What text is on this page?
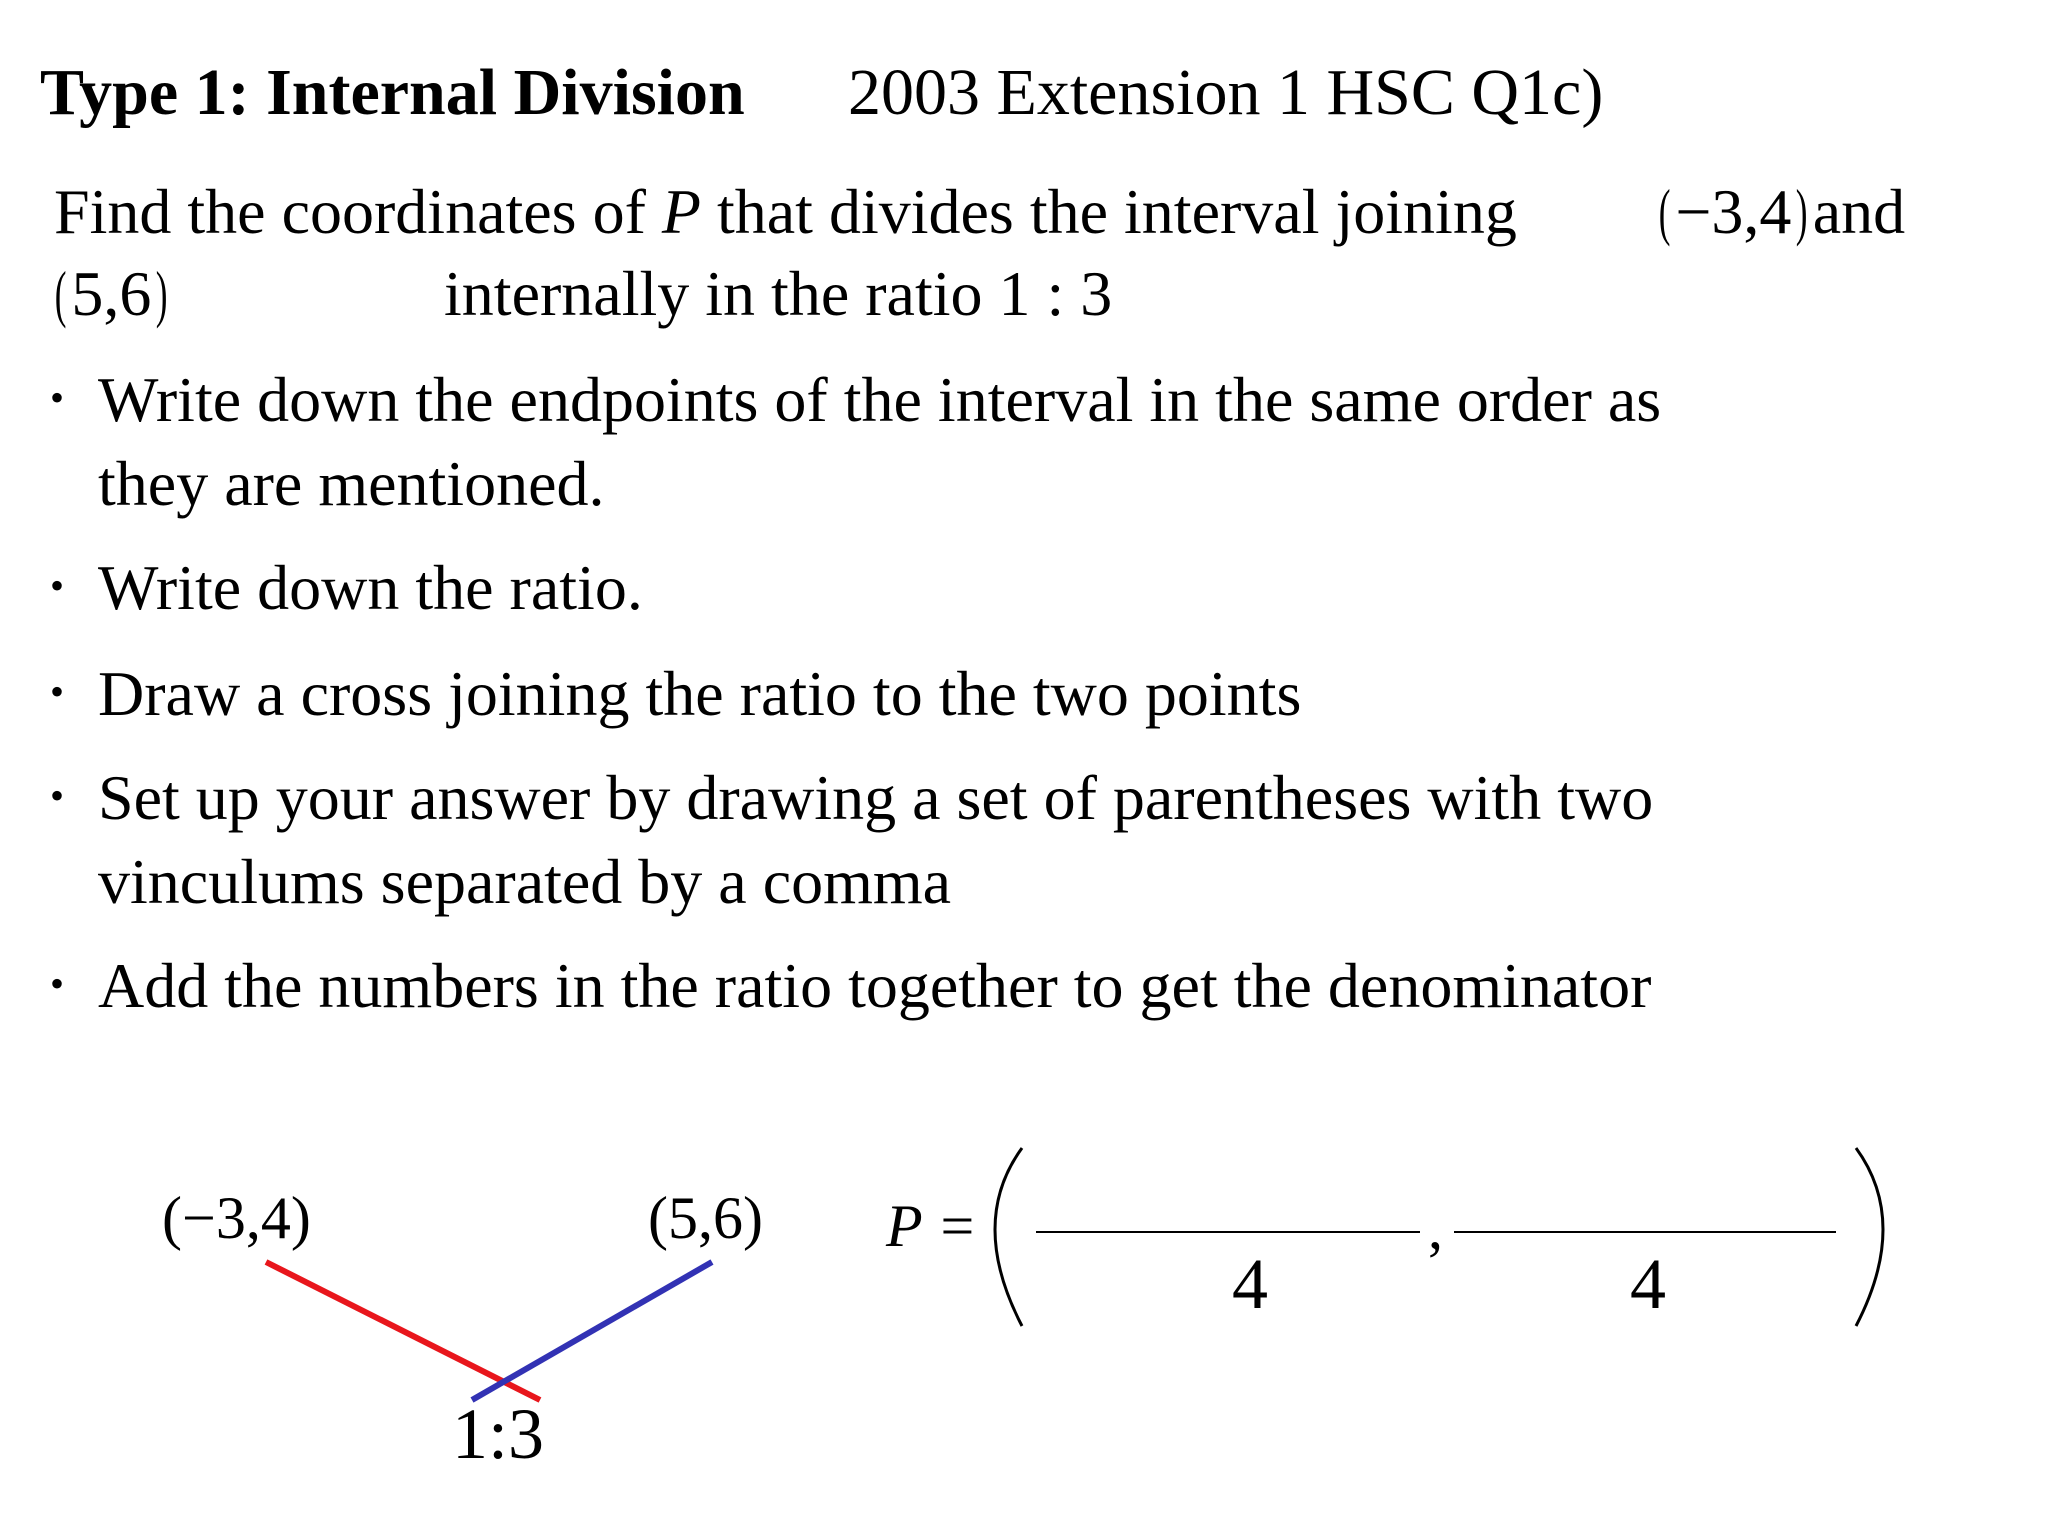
Type 1: Internal Division 2003 Extension 1 HSC Q1c)
Find the coordinates of P that divides the interval joining (−3,4)and
(5,6)	internally in the ratio 1 : 3
• Write down the endpoints of the interval in the same order as
they are mentioned.
• Write down the ratio.
• Draw a cross joining the ratio to the two points
• Set up your answer by drawing a set of parentheses with two
vinculums separated by a comma
• Add the numbers in the ratio together to get the denominator
(−3,4)	(5,6)
1:3
P =
4
,
4
